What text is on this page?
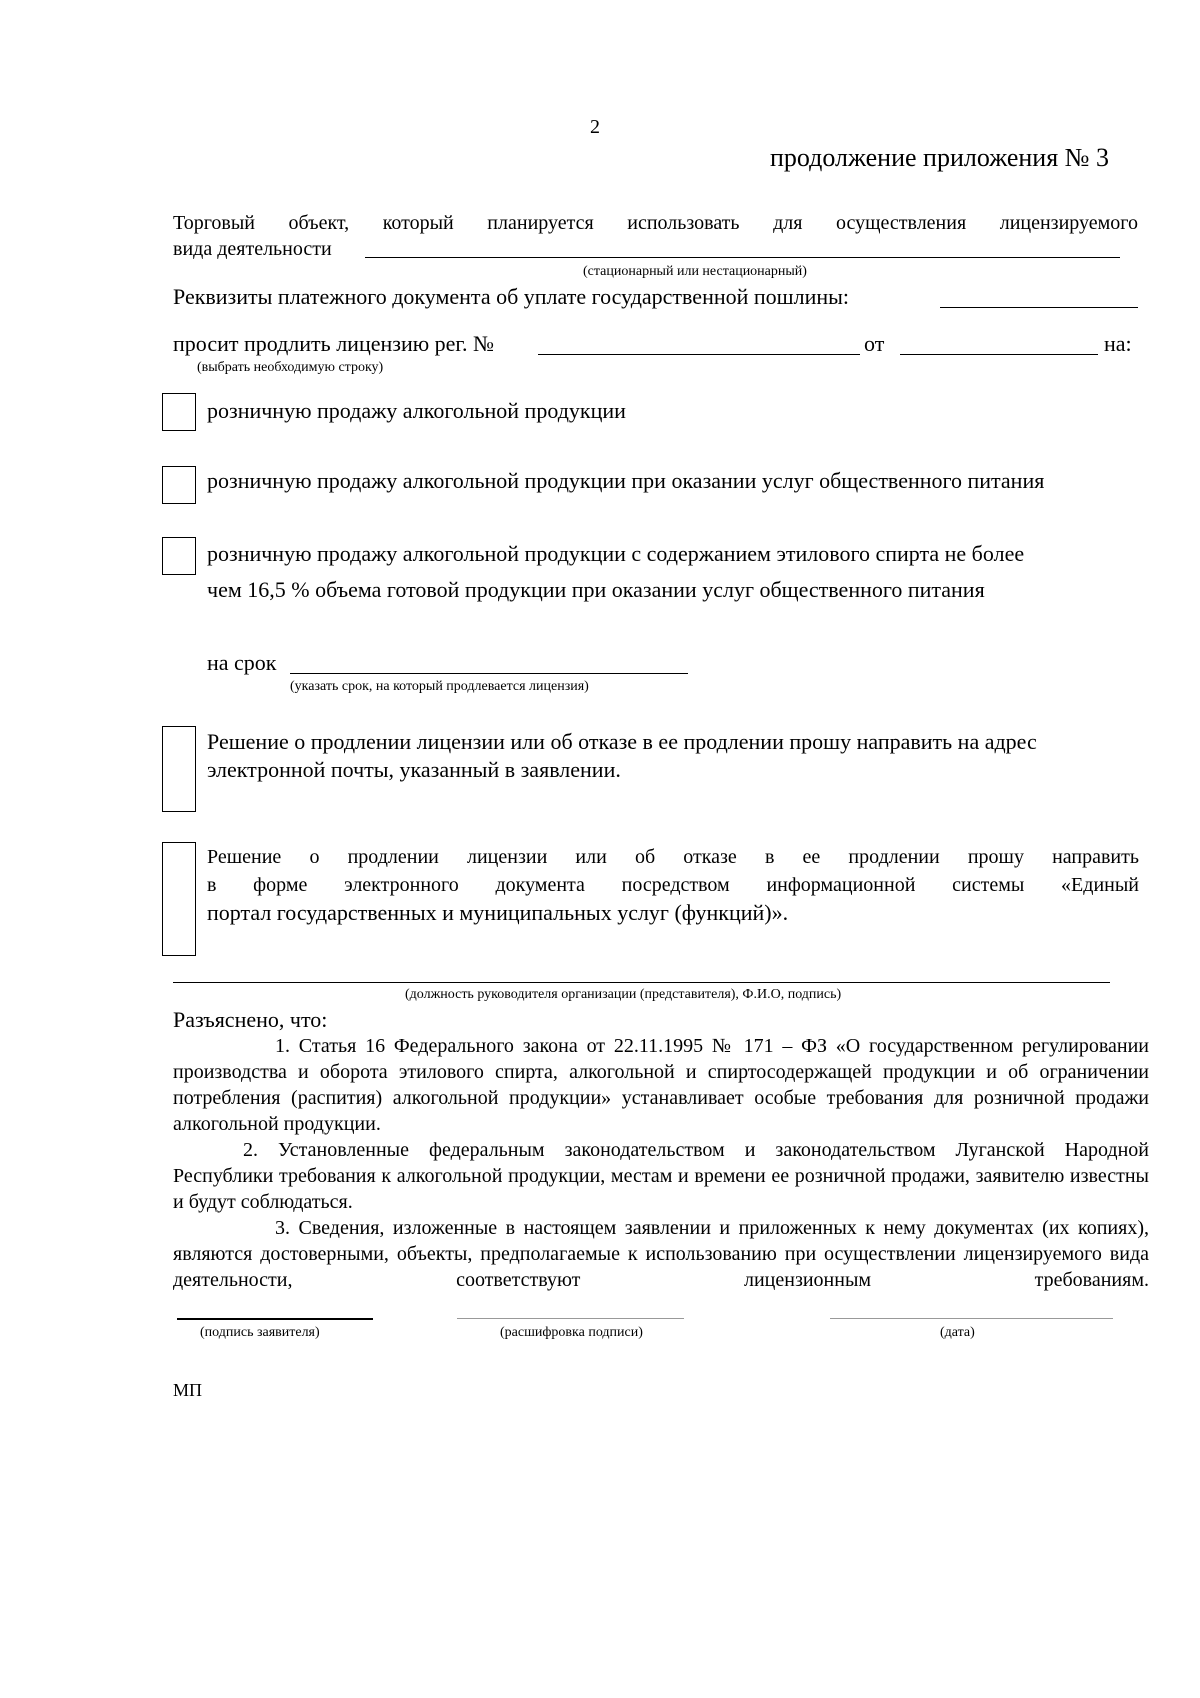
2
продолжение приложения № 3
Торговый объект, который планируется использовать для осуществления лицензируемого
вида деятельности
(стационарный или нестационарный)
Реквизиты платежного документа об уплате государственной пошлины:
просит продлить лицензию рег. №	от	на:
(выбрать необходимую строку)
розничную продажу алкогольной продукции
розничную продажу алкогольной продукции при оказании услуг общественного питания
розничную продажу алкогольной продукции с содержанием этилового спирта не более
чем 16,5 % объема готовой продукции при оказании услуг общественного питания
на срок
(указать срок, на который продлевается лицензия)
Решение о продлении лицензии или об отказе в ее продлении прошу направить на адрес
электронной почты, указанный в заявлении.
Решение о продлении лицензии или об отказе в ее продлении прошу направить
в форме электронного документа посредством информационной системы «Единый
портал государственных и муниципальных услуг (функций)».
(должность руководителя организации (представителя), Ф.И.О, подпись)
Разъяснено, что:
1. Статья 16 Федерального закона от 22.11.1995 № 171 – ФЗ «О государственном регулировании производства и оборота этилового спирта, алкогольной и спиртосодержащей продукции и об ограничении потребления (распития) алкогольной продукции» устанавливает особые требования для розничной продажи алкогольной продукции.
2. Установленные федеральным законодательством и законодательством Луганской Народной Республики требования к алкогольной продукции, местам и времени ее розничной продажи, заявителю известны и будут соблюдаться.
3. Сведения, изложенные в настоящем заявлении и приложенных к нему документах (их копиях), являются достоверными, объекты, предполагаемые к использованию при осуществлении лицензируемого вида деятельности, соответствуют лицензионным требованиям.
(подпись заявителя)	(расшифровка подписи)	(дата)
МП
